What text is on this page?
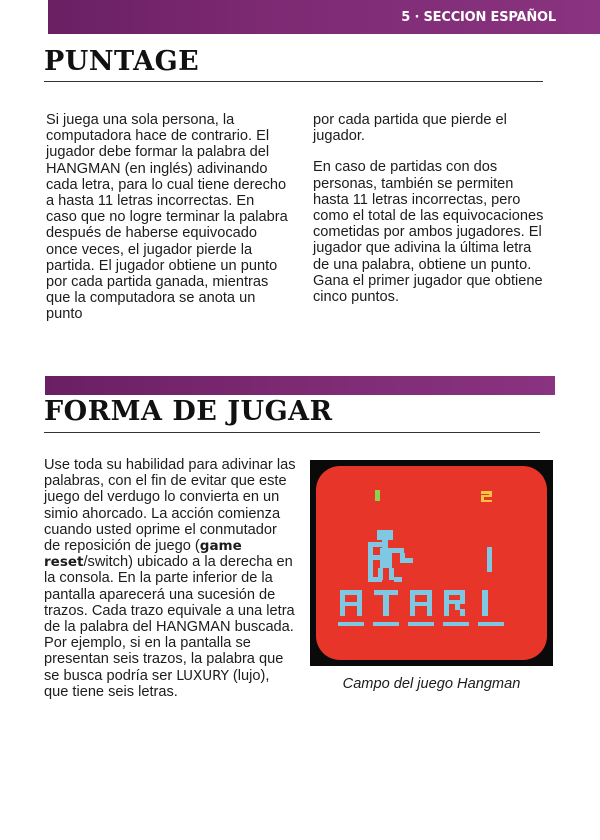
5 · SECCION ESPAÑOL
PUNTAGE

Si juega una sola persona, la computadora hace de contrario. El jugador debe formar la palabra del HANGMAN (en inglés) adivinando cada letra, para lo cual tiene derecho a hasta 11 letras incorrectas. En caso que no logre terminar la palabra después de haberse equivocado once veces, el jugador pierde la partida. El jugador obtiene un punto por cada partida ganada, mientras que la computadora se anota un punto

por cada partida que pierde el jugador.

En caso de partidas con dos personas, también se permiten hasta 11 letras incorrectas, pero como el total de las equivocaciones cometidas por ambos jugadores. El jugador que adivina la última letra de una palabra, obtiene un punto. Gana el primer jugador que obtiene cinco puntos.

FORMA DE JUGAR

Use toda su habilidad para adivinar las palabras, con el fin de evitar que este juego del verdugo lo convierta en un simio ahorcado. La acción comienza cuando usted oprime el conmutador de reposición de juego (game reset/switch) ubicado a la derecha en la consola. En la parte inferior de la pantalla aparecerá una sucesión de trazos. Cada trazo equivale a una letra de la palabra del HANGMAN buscada. Por ejemplo, si en la pantalla se presentan seis trazos, la palabra que se busca podría ser LUXURY (lujo), que tiene seis letras.

1	2
ATARI
Campo del juego Hangman
